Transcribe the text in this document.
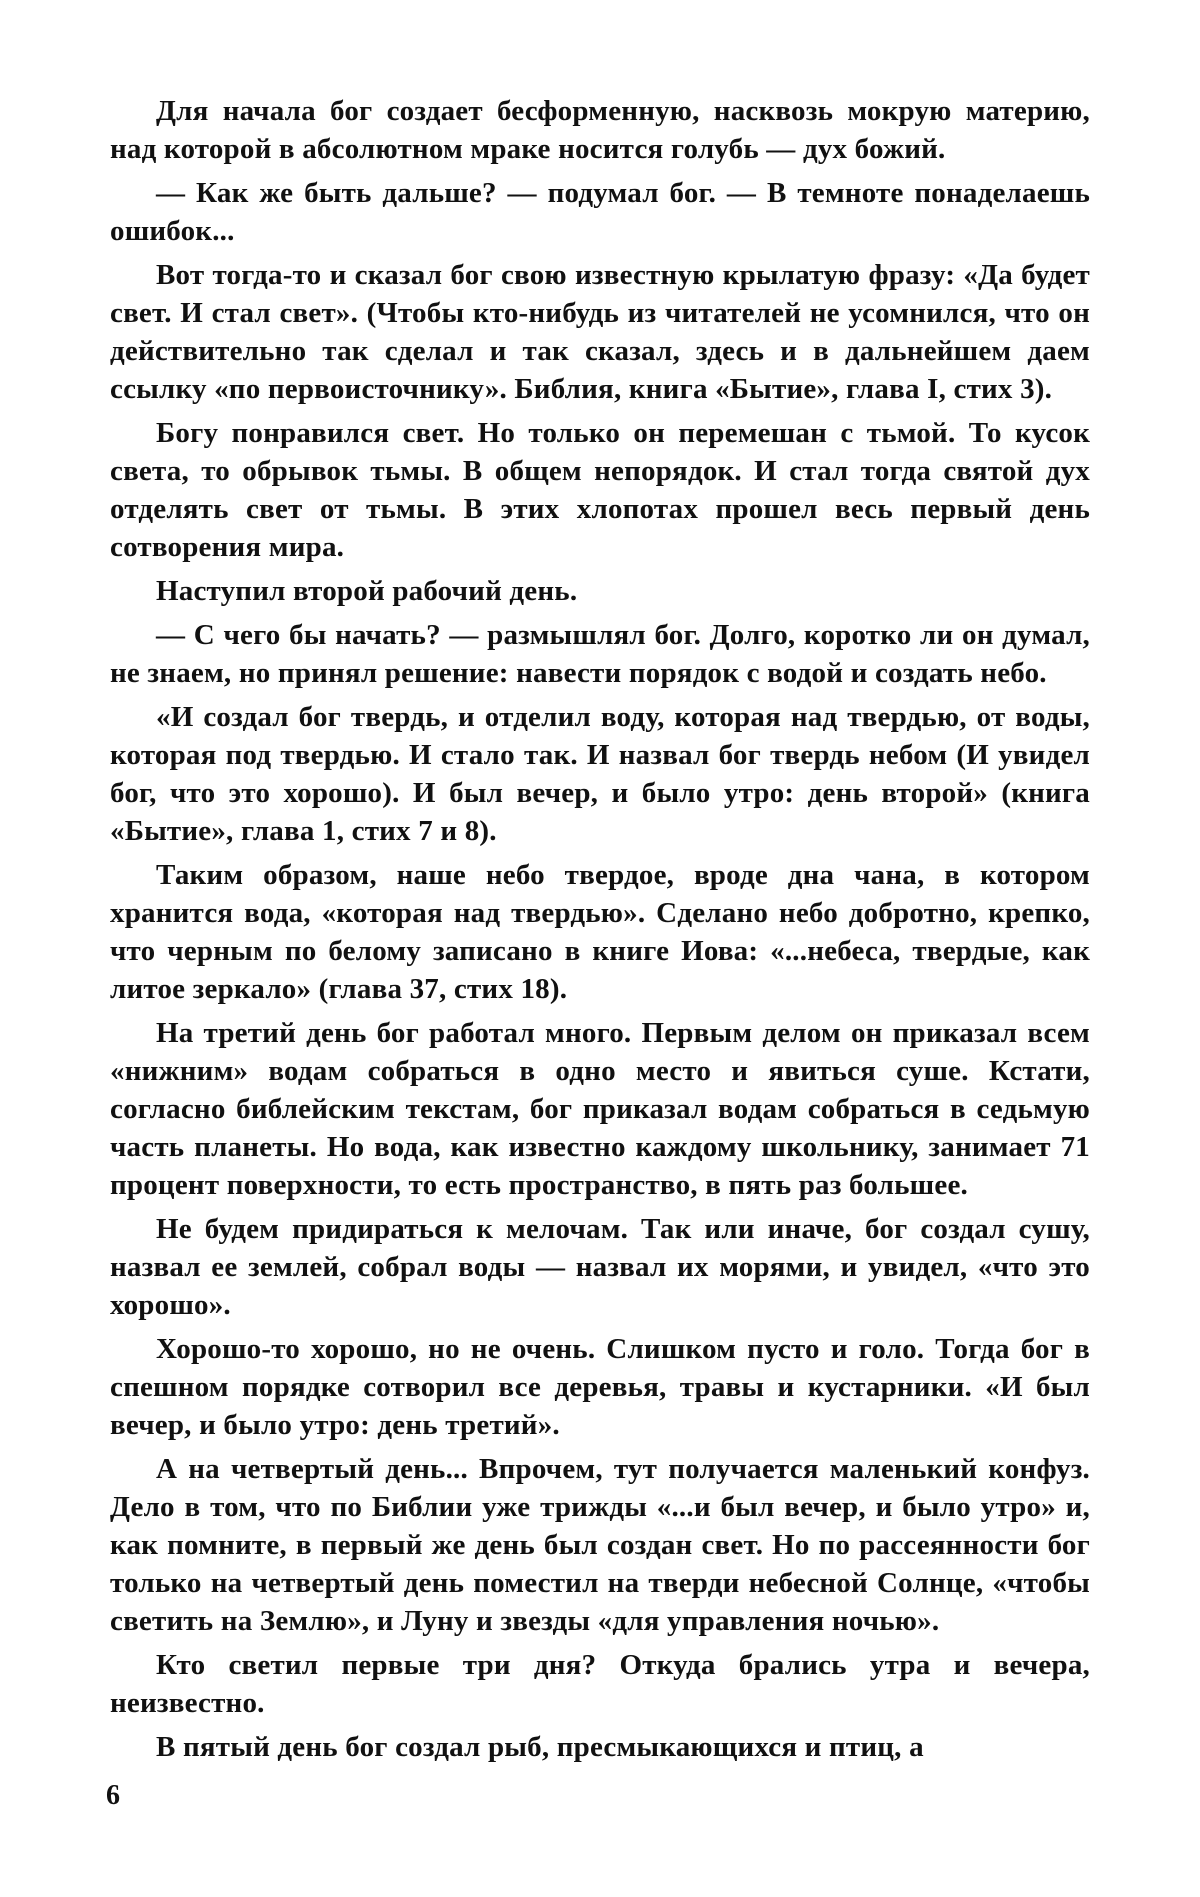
Для начала бог создает бесформенную, насквозь мокрую материю, над которой в абсолютном мраке носится голубь — дух божий.

— Как же быть дальше? — подумал бог. — В темноте понаделаешь ошибок...

Вот тогда-то и сказал бог свою известную крылатую фразу: «Да будет свет. И стал свет». (Чтобы кто-нибудь из читателей не усомнился, что он действительно так сделал и так сказал, здесь и в дальнейшем даем ссылку «по первоисточнику». Библия, книга «Бытие», глава I, стих 3).

Богу понравился свет. Но только он перемешан с тьмой. То кусок света, то обрывок тьмы. В общем непорядок. И стал тогда святой дух отделять свет от тьмы. В этих хлопотах прошел весь первый день сотворения мира.

Наступил второй рабочий день.

— С чего бы начать? — размышлял бог. Долго, коротко ли он думал, не знаем, но принял решение: навести порядок с водой и создать небо.

«И создал бог твердь, и отделил воду, которая над твердью, от воды, которая под твердью. И стало так. И назвал бог твердь небом (И увидел бог, что это хорошо). И был вечер, и было утро: день второй» (книга «Бытие», глава 1, стих 7 и 8).

Таким образом, наше небо твердое, вроде дна чана, в котором хранится вода, «которая над твердью». Сделано небо добротно, крепко, что черным по белому записано в книге Иова: «...небеса, твердые, как литое зеркало» (глава 37, стих 18).

На третий день бог работал много. Первым делом он приказал всем «нижним» водам собраться в одно место и явиться суше. Кстати, согласно библейским текстам, бог приказал водам собраться в седьмую часть планеты. Но вода, как известно каждому школьнику, занимает 71 процент поверхности, то есть пространство, в пять раз большее.

Не будем придираться к мелочам. Так или иначе, бог создал сушу, назвал ее землей, собрал воды — назвал их морями, и увидел, «что это хорошо».

Хорошо-то хорошо, но не очень. Слишком пусто и голо. Тогда бог в спешном порядке сотворил все деревья, травы и кустарники. «И был вечер, и было утро: день третий».

А на четвертый день... Впрочем, тут получается маленький конфуз. Дело в том, что по Библии уже трижды «...и был вечер, и было утро» и, как помните, в первый же день был создан свет. Но по рассеянности бог только на четвертый день поместил на тверди небесной Солнце, «чтобы светить на Землю», и Луну и звезды «для управления ночью».

Кто светил первые три дня? Откуда брались утра и вечера, неизвестно.

В пятый день бог создал рыб, пресмыкающихся и птиц, а

6
